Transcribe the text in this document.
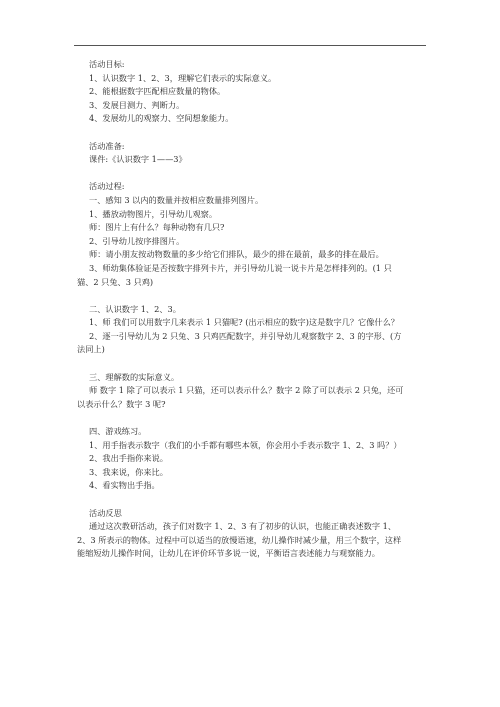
活动目标:
1、认识数字 1、2、3，理解它们表示的实际意义。
2、能根据数字匹配相应数量的物体。
3、发展目测力、判断力。
4、发展幼儿的观察力、空间想象能力。
活动准备:
课件:《认识数字 1——3》
活动过程:
一、感知 3 以内的数量并按相应数量排列图片。
1、播放动物图片，引导幼儿观察。
师：图片上有什么？每种动物有几只?
2、引导幼儿按序排图片。
师：请小朋友按动物数量的多少给它们排队，最少的排在最前，最多的排在最后。
3、师幼集体验证是否按数字排列卡片，并引导幼儿说一说卡片是怎样排列的。(1 只猫、2 只兔、3 只鸡)
二、认识数字 1、2、3。
1、师 我们可以用数字几来表示 1 只猫呢? (出示相应的数字)这是数字几？它像什么？
2、逐一引导幼儿为 2 只兔、3 只鸡匹配数字，并引导幼儿观察数字 2、3 的字形、(方法同上)
三、理解数的实际意义。
师 数字 1 除了可以表示 1 只猫，还可以表示什么？数字 2 除了可以表示 2 只兔，还可以表示什么？数字 3 呢?
四、游戏练习。
1、用手指表示数字（我们的小手都有哪些本领，你会用小手表示数字 1、2、3 吗？）
2、我出手指你来说。
3、我来说，你来比。
4、看实物出手指。
活动反思
通过这次教研活动，孩子们对数字 1、2、3 有了初步的认识，也能正确表述数字 1、2、3 所表示的物体。过程中可以适当的放慢语速，幼儿操作时减少量，用三个数字，这样能缩短幼儿操作时间，让幼儿在评价环节多说一说，平衡语言表述能力与观察能力。
